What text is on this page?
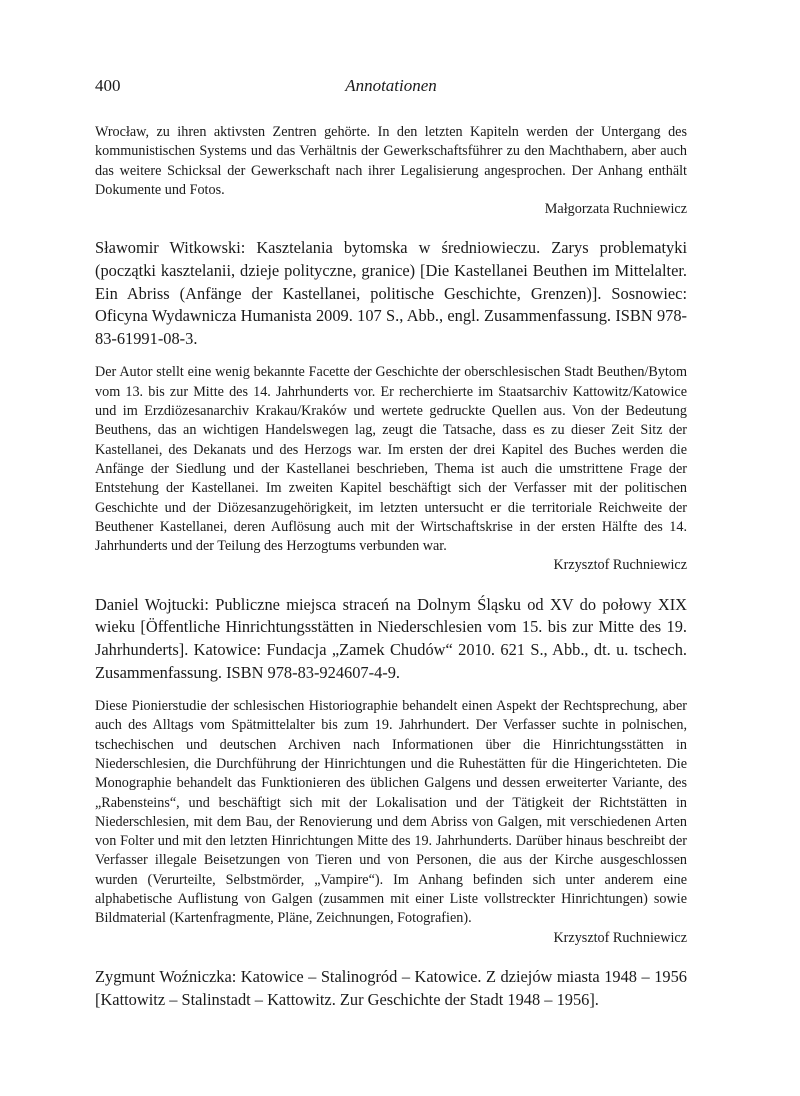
400	Annotationen

Wrocław, zu ihren aktivsten Zentren gehörte. In den letzten Kapiteln werden der Untergang des kommunistischen Systems und das Verhältnis der Gewerkschaftsführer zu den Machthabern, aber auch das weitere Schicksal der Gewerkschaft nach ihrer Legalisierung angesprochen. Der Anhang enthält Dokumente und Fotos.

Małgorzata Ruchniewicz

Sławomir Witkowski: Kasztelania bytomska w średniowieczu. Zarys problematyki (początki kasztelanii, dzieje polityczne, granice) [Die Kastellanei Beuthen im Mittelalter. Ein Abriss (Anfänge der Kastellanei, politische Geschichte, Grenzen)]. Sosnowiec: Oficyna Wydawnicza Humanista 2009. 107 S., Abb., engl. Zusammenfassung. ISBN 978-83-61991-08-3.

Der Autor stellt eine wenig bekannte Facette der Geschichte der oberschlesischen Stadt Beuthen/Bytom vom 13. bis zur Mitte des 14. Jahrhunderts vor. Er recherchierte im Staatsarchiv Kattowitz/Katowice und im Erzdiözesanarchiv Krakau/Kraków und wertete gedruckte Quellen aus. Von der Bedeutung Beuthens, das an wichtigen Handelswegen lag, zeugt die Tatsache, dass es zu dieser Zeit Sitz der Kastellanei, des Dekanats und des Herzogs war. Im ersten der drei Kapitel des Buches werden die Anfänge der Siedlung und der Kastellanei beschrieben, Thema ist auch die umstrittene Frage der Entstehung der Kastellanei. Im zweiten Kapitel beschäftigt sich der Verfasser mit der politischen Geschichte und der Diözesanzugehörigkeit, im letzten untersucht er die territoriale Reichweite der Beuthener Kastellanei, deren Auflösung auch mit der Wirtschaftskrise in der ersten Hälfte des 14. Jahrhunderts und der Teilung des Herzogtums verbunden war.

Krzysztof Ruchniewicz

Daniel Wojtucki: Publiczne miejsca straceń na Dolnym Śląsku od XV do połowy XIX wieku [Öffentliche Hinrichtungsstätten in Niederschlesien vom 15. bis zur Mitte des 19. Jahrhunderts]. Katowice: Fundacja „Zamek Chudów“ 2010. 621 S., Abb., dt. u. tschech. Zusammenfassung. ISBN 978-83-924607-4-9.

Diese Pionierstudie der schlesischen Historiographie behandelt einen Aspekt der Rechtsprechung, aber auch des Alltags vom Spätmittelalter bis zum 19. Jahrhundert. Der Verfasser suchte in polnischen, tschechischen und deutschen Archiven nach Informationen über die Hinrichtungsstätten in Niederschlesien, die Durchführung der Hinrichtungen und die Ruhestätten für die Hingerichteten. Die Monographie behandelt das Funktionieren des üblichen Galgens und dessen erweiterter Variante, des „Rabensteins“, und beschäftigt sich mit der Lokalisation und der Tätigkeit der Richtstätten in Niederschlesien, mit dem Bau, der Renovierung und dem Abriss von Galgen, mit verschiedenen Arten von Folter und mit den letzten Hinrichtungen Mitte des 19. Jahrhunderts. Darüber hinaus beschreibt der Verfasser illegale Beisetzungen von Tieren und von Personen, die aus der Kirche ausgeschlossen wurden (Verurteilte, Selbstmörder, „Vampire“). Im Anhang befinden sich unter anderem eine alphabetische Auflistung von Galgen (zusammen mit einer Liste vollstreckter Hinrichtungen) sowie Bildmaterial (Kartenfragmente, Pläne, Zeichnungen, Fotografien).

Krzysztof Ruchniewicz

Zygmunt Woźniczka: Katowice – Stalinogród – Katowice. Z dziejów miasta 1948 – 1956 [Kattowitz – Stalinstadt – Kattowitz. Zur Geschichte der Stadt 1948 – 1956].
